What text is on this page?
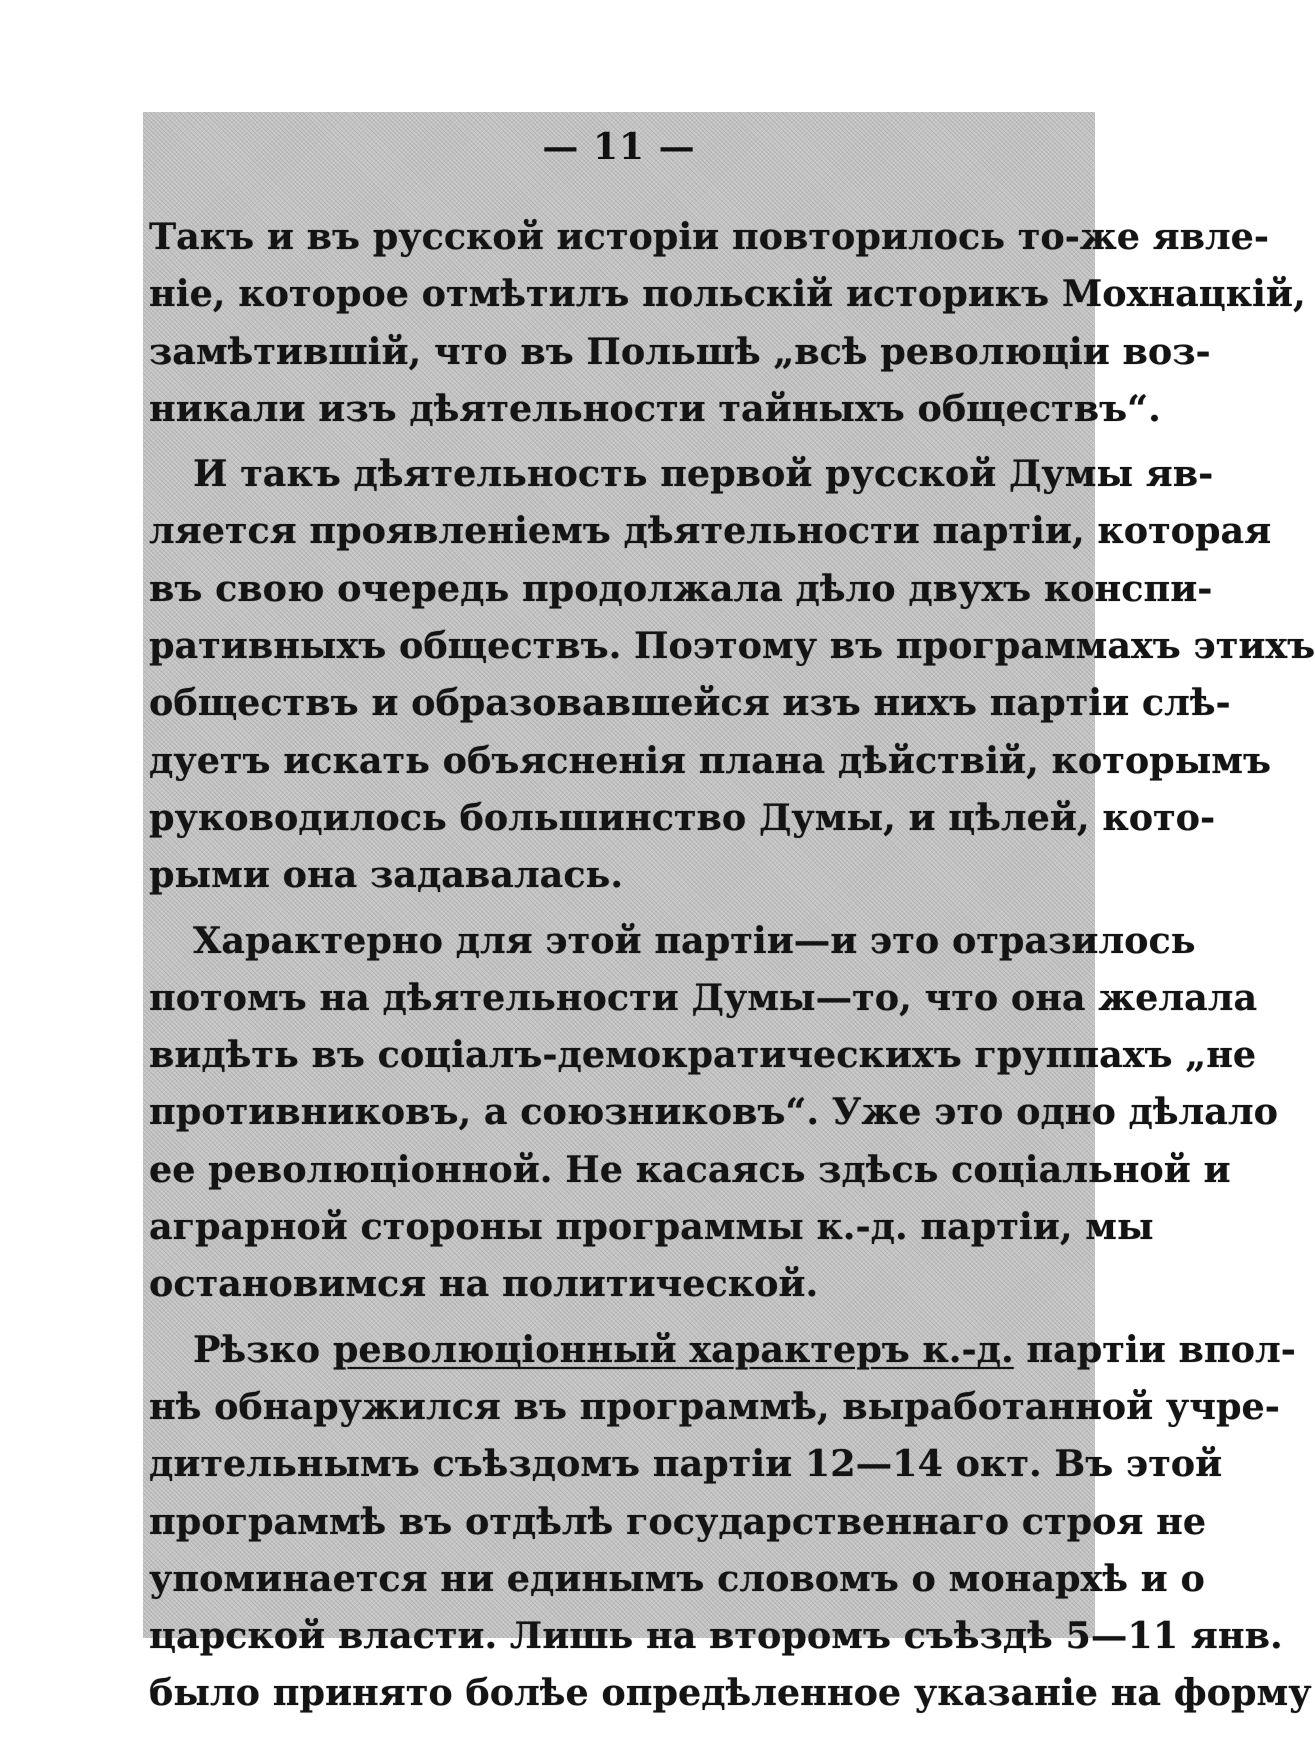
— 11 —
Такъ и въ русской исторіи повторилось то-же явле-
ніе, которое отмѣтилъ польскій историкъ Мохнацкій,
замѣтившій, что въ Польшѣ „всѣ революціи воз-
никали изъ дѣятельности тайныхъ обществъ“.
И такъ дѣятельность первой русской Думы яв-
ляется проявленіемъ дѣятельности партіи, которая
въ свою очередь продолжала дѣло двухъ конспи-
ративныхъ обществъ. Поэтому въ программахъ этихъ
обществъ и образовавшейся изъ нихъ партіи слѣ-
дуетъ искать объясненія плана дѣйствій, которымъ
руководилось большинство Думы, и цѣлей, кото-
рыми она задавалась.
Характерно для этой партіи—и это отразилось
потомъ на дѣятельности Думы—то, что она желала
видѣть въ соціалъ-демократическихъ группахъ „не
противниковъ, а союзниковъ“. Уже это одно дѣлало
ее революціонной. Не касаясь здѣсь соціальной и
аграрной стороны программы к.-д. партіи, мы
остановимся на политической.
Рѣзко революціонный характеръ к.-д. партіи впол-
нѣ обнаружился въ программѣ, выработанной учре-
дительнымъ съѣздомъ партіи 12—14 окт. Въ этой
программѣ въ отдѣлѣ государственнаго строя не
упоминается ни единымъ словомъ о монархѣ и о
царской власти. Лишь на второмъ съѣздѣ 5—11 янв.
было принято болѣе опредѣленное указаніе на форму
